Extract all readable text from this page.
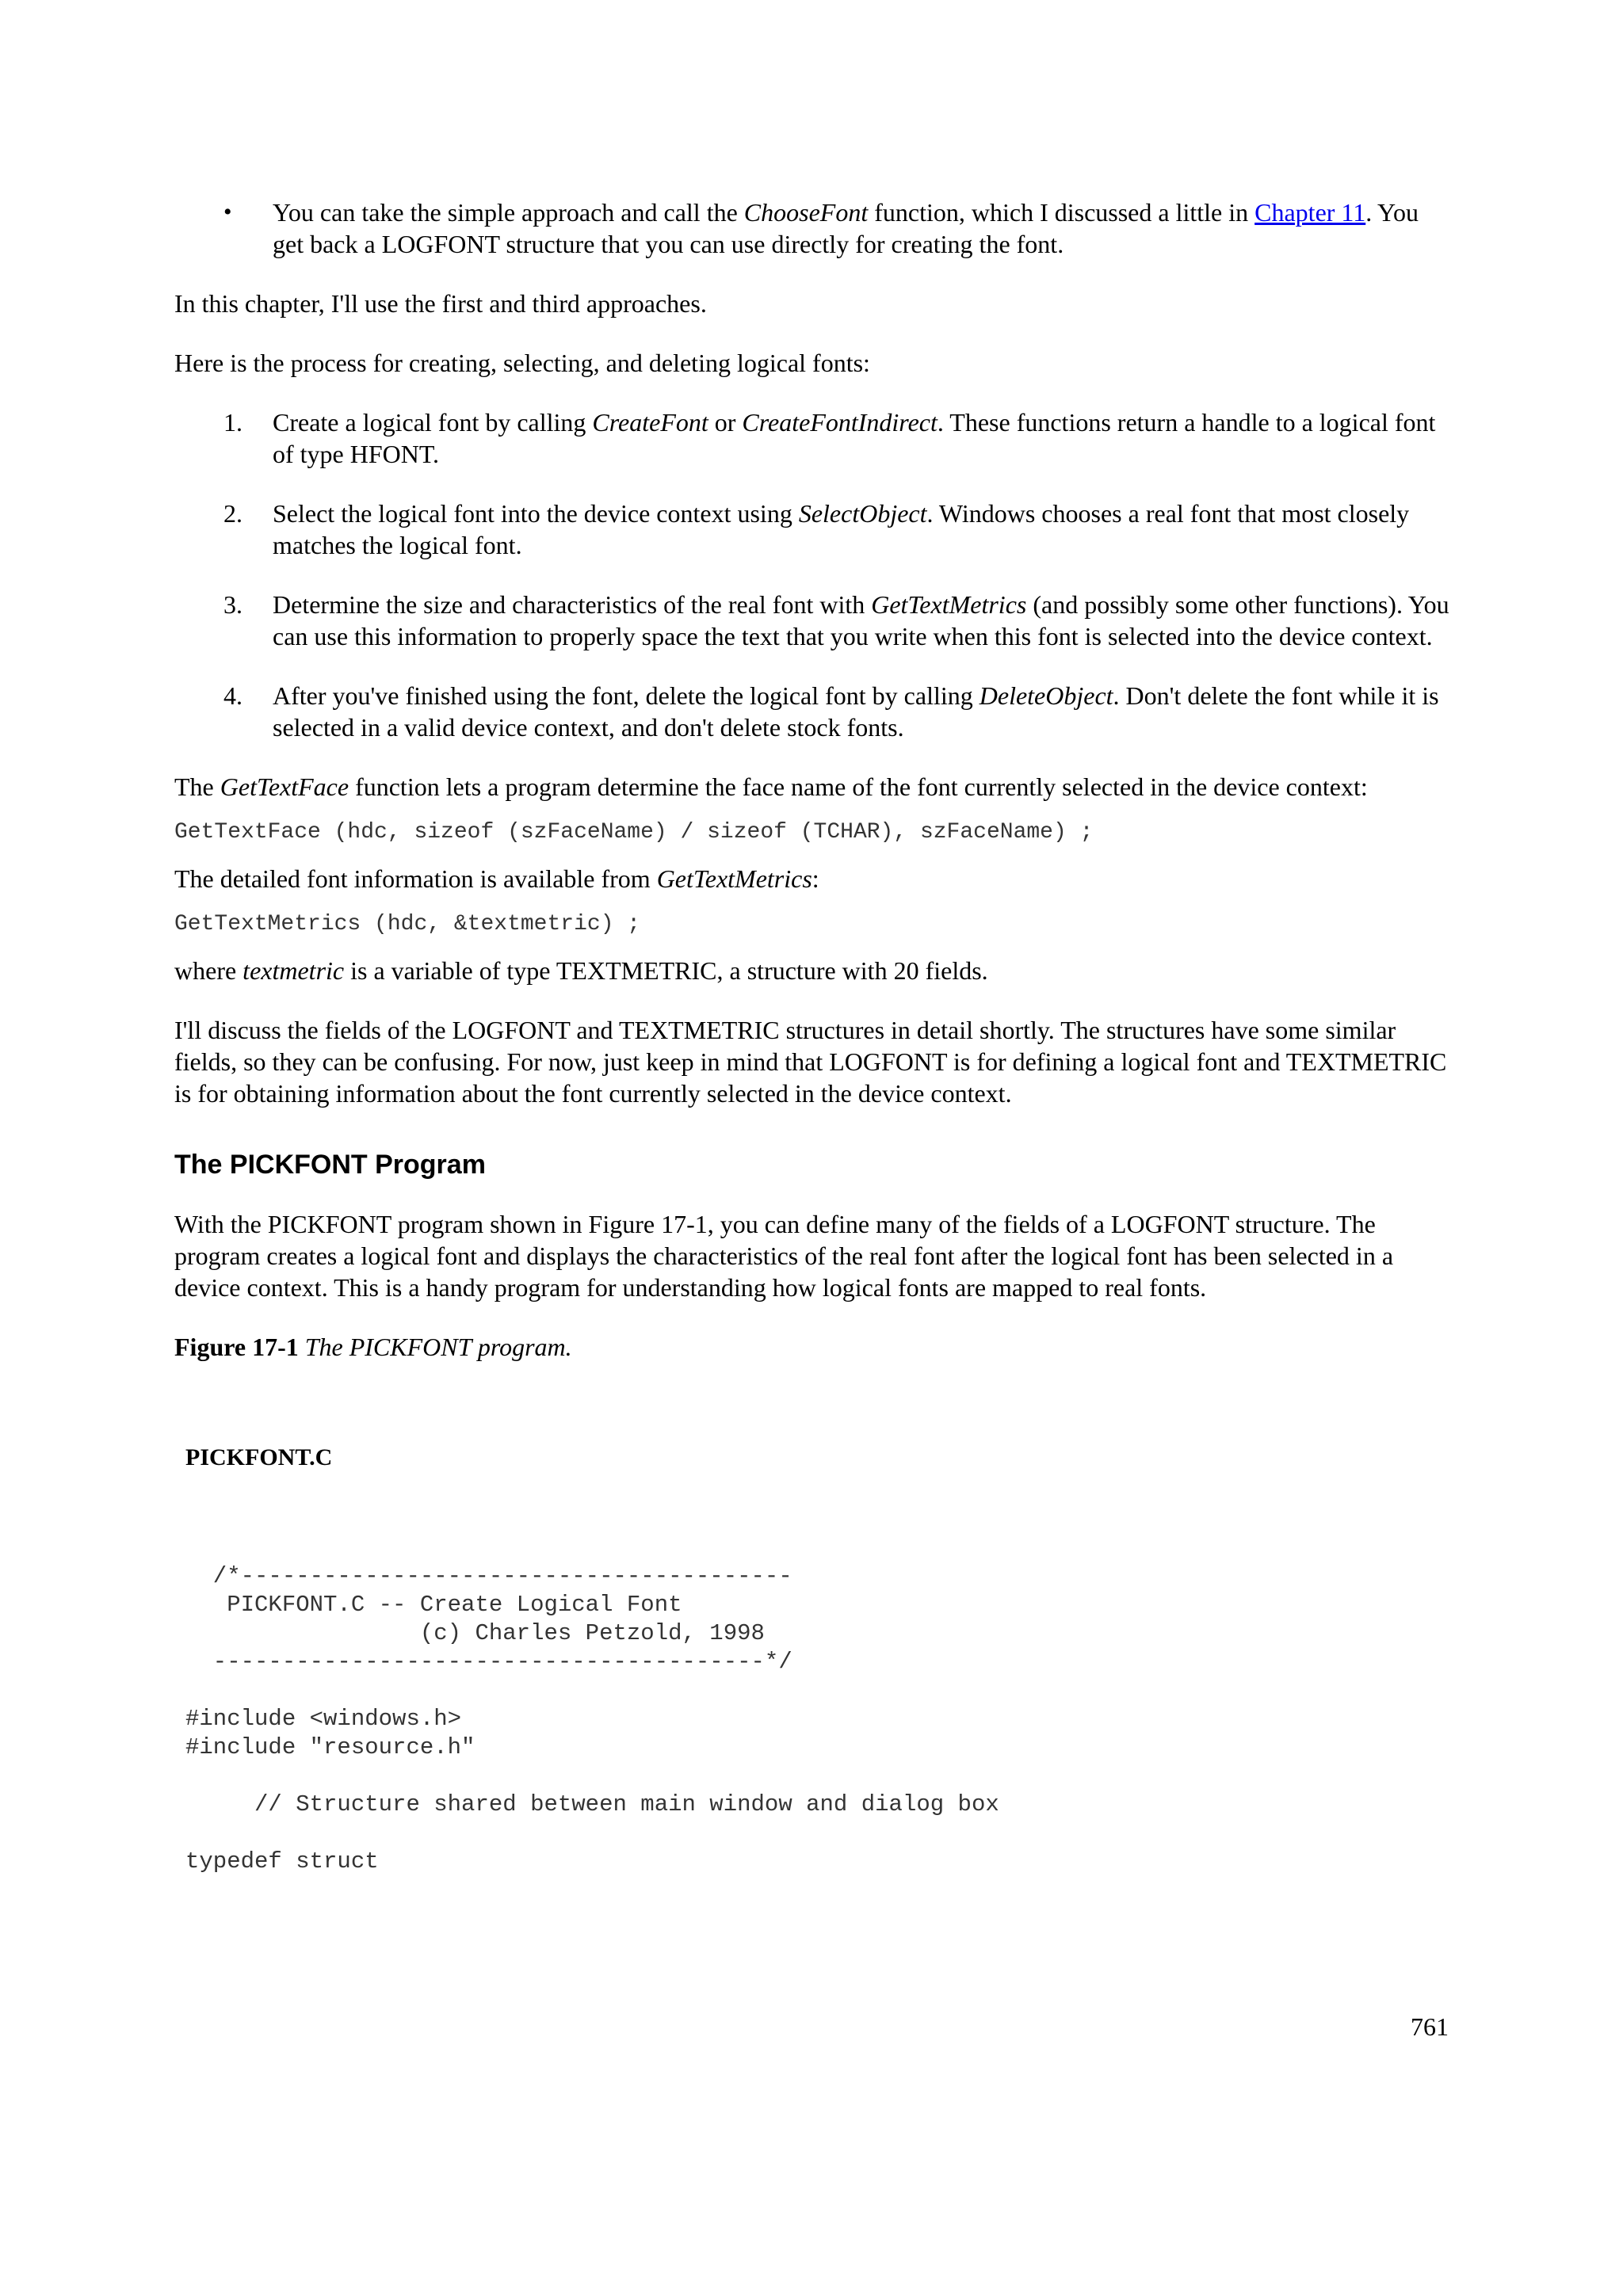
• You can take the simple approach and call the ChooseFont function, which I discussed a little in Chapter 11. You get back a LOGFONT structure that you can use directly for creating the font.

In this chapter, I'll use the first and third approaches.

Here is the process for creating, selecting, and deleting logical fonts:

1. Create a logical font by calling CreateFont or CreateFontIndirect. These functions return a handle to a logical font of type HFONT.
2. Select the logical font into the device context using SelectObject. Windows chooses a real font that most closely matches the logical font.
3. Determine the size and characteristics of the real font with GetTextMetrics (and possibly some other functions). You can use this information to properly space the text that you write when this font is selected into the device context.
4. After you've finished using the font, delete the logical font by calling DeleteObject. Don't delete the font while it is selected in a valid device context, and don't delete stock fonts.

The GetTextFace function lets a program determine the face name of the font currently selected in the device context:

GetTextFace (hdc, sizeof (szFaceName) / sizeof (TCHAR), szFaceName) ;

The detailed font information is available from GetTextMetrics:

GetTextMetrics (hdc, &textmetric) ;

where textmetric is a variable of type TEXTMETRIC, a structure with 20 fields.

I'll discuss the fields of the LOGFONT and TEXTMETRIC structures in detail shortly. The structures have some similar fields, so they can be confusing. For now, just keep in mind that LOGFONT is for defining a logical font and TEXTMETRIC is for obtaining information about the font currently selected in the device context.

The PICKFONT Program

With the PICKFONT program shown in Figure 17-1, you can define many of the fields of a LOGFONT structure. The program creates a logical font and displays the characteristics of the real font after the logical font has been selected in a device context. This is a handy program for understanding how logical fonts are mapped to real fonts.

Figure 17-1 The PICKFONT program.

PICKFONT.C
/*----------------------------------------
PICKFONT.C -- Create Logical Font
(c) Charles Petzold, 1998
----------------------------------------*/

#include <windows.h>
#include "resource.h"

// Structure shared between main window and dialog box

typedef struct
761
